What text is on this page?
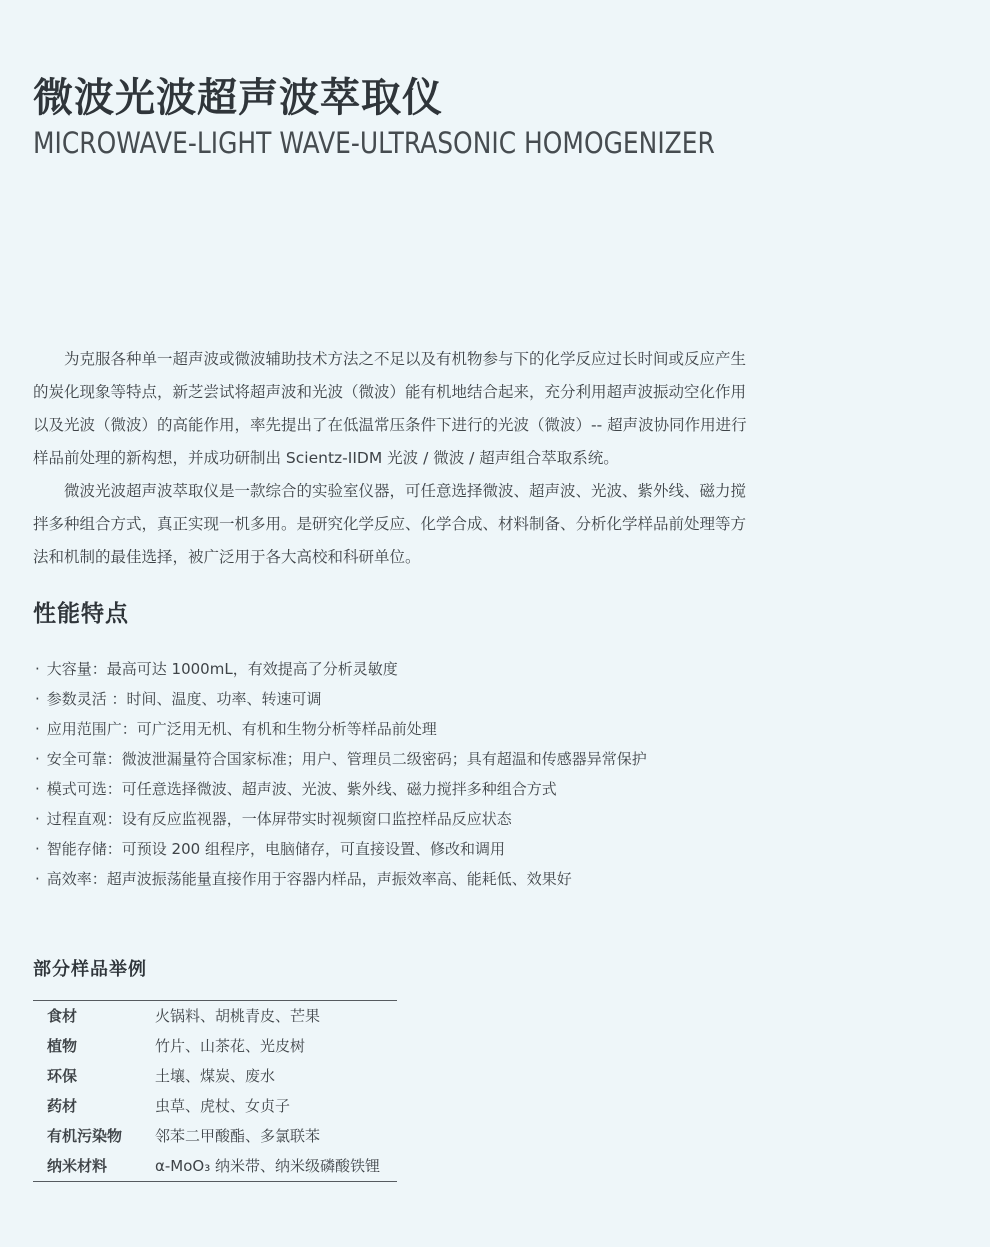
微波光波超声波萃取仪
MICROWAVE-LIGHT WAVE-ULTRASONIC HOMOGENIZER

为克服各种单一超声波或微波辅助技术方法之不足以及有机物参与下的化学反应过长时间或反应产生的炭化现象等特点，新芝尝试将超声波和光波（微波）能有机地结合起来，充分利用超声波振动空化作用以及光波（微波）的高能作用，率先提出了在低温常压条件下进行的光波（微波）-- 超声波协同作用进行样品前处理的新构想，并成功研制出 Scientz-IIDM 光波 / 微波 / 超声组合萃取系统。

微波光波超声波萃取仪是一款综合的实验室仪器，可任意选择微波、超声波、光波、紫外线、磁力搅拌多种组合方式，真正实现一机多用。是研究化学反应、化学合成、材料制备、分析化学样品前处理等方法和机制的最佳选择，被广泛用于各大高校和科研单位。

性能特点
· 大容量：最高可达 1000mL，有效提高了分析灵敏度
· 参数灵活 ：时间、温度、功率、转速可调
· 应用范围广：可广泛用无机、有机和生物分析等样品前处理
· 安全可靠：微波泄漏量符合国家标准；用户、管理员二级密码；具有超温和传感器异常保护
· 模式可选：可任意选择微波、超声波、光波、紫外线、磁力搅拌多种组合方式
· 过程直观：设有反应监视器，一体屏带实时视频窗口监控样品反应状态
· 智能存储：可预设 200 组程序，电脑储存，可直接设置、修改和调用
· 高效率：超声波振荡能量直接作用于容器内样品，声振效率高、能耗低、效果好
部分样品举例
食材	火锅料、胡桃青皮、芒果
植物	竹片、山茶花、光皮树
环保	土壤、煤炭、废水
药材	虫草、虎杖、女贞子
有机污染物	邻苯二甲酸酯、多氯联苯
纳米材料	α-MoO₃ 纳米带、纳米级磷酸铁锂
